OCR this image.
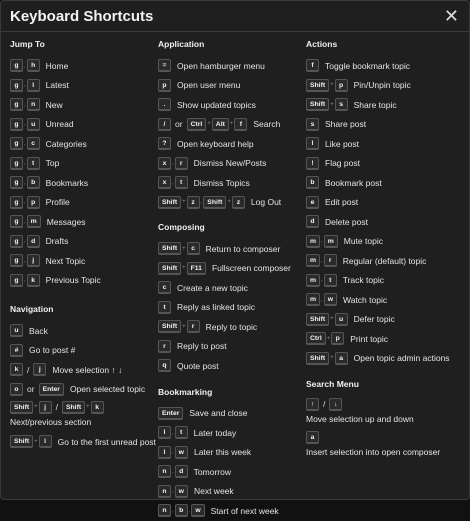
Keyboard Shortcuts	✕
Jump To
g , h	Home
g , l	Latest
g , n	New
g , u	Unread
g , c	Categories
g , t	Top
g , b	Bookmarks
g , p	Profile
g , m	Messages
g , d	Drafts
g , j	Next Topic
g , k	Previous Topic
Navigation
u	Back
#	Go to post #
k	/	j	Move selection ↑ ↓
o or	Enter	Open selected topic
Shift + j	/	Shift + k
Next/previous section
Shift + l	Go to the first unread post
Application
=	Open hamburger menu
p	Open user menu
.	Show updated topics
/	or	Ctrl + Alt + f	Search
?	Open keyboard help
x , r	Dismiss New/Posts
x , t	Dismiss Topics
Shift + z , Shift + z	Log Out
Composing
Shift + c	Return to composer
Shift + F11	Fullscreen composer
c	Create a new topic
t	Reply as linked topic
Shift + r	Reply to topic
r	Reply to post
q	Quote post
Bookmarking
Enter	Save and close
l	, t	Later today
l	, w	Later this week
n , d	Tomorrow
n , w	Next week
n , b , w	Start of next week
Actions
f	Toggle bookmark topic
Shift + p	Pin/Unpin topic
Shift + s	Share topic
s	Share post
l	Like post
!	Flag post
b	Bookmark post
e	Edit post
d	Delete post
m , m	Mute topic
m , r	Regular (default) topic
m , t	Track topic
m , w	Watch topic
Shift + u	Defer topic
Ctrl + p	Print topic
Shift + a	Open topic admin actions
Search Menu
↑	/	↓
Move selection up and down
a
Insert selection into open composer
